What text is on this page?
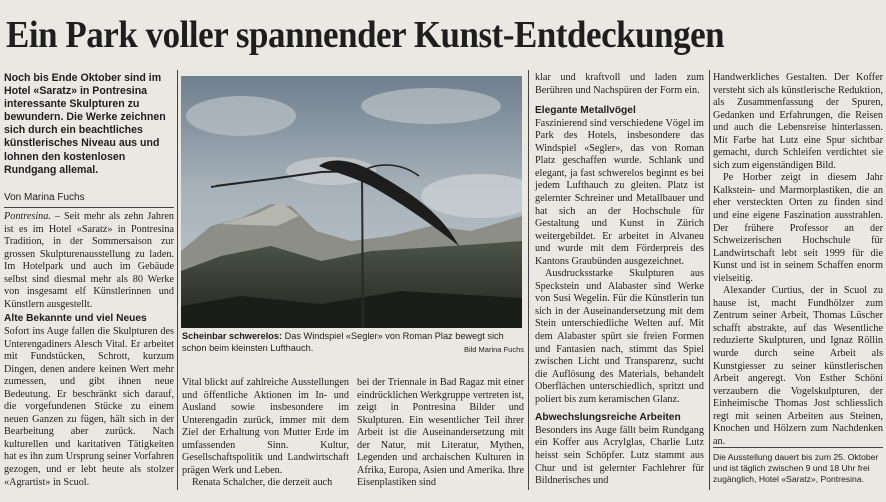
Ein Park voller spannender Kunst-Entdeckungen

Noch bis Ende Oktober sind im Hotel «Saratz» in Pontresina interessante Skulpturen zu bewundern. Die Werke zeichnen sich durch ein beachtliches künstlerisches Niveau aus und lohnen den kostenlosen Rundgang allemal.

Von Marina Fuchs

Pontresina. – Seit mehr als zehn Jahren ist es im Hotel «Saratz» in Pontresina Tradition, in der Sommersaison zur grossen Skulpturenausstellung zu laden. Im Hotelpark und auch im Gebäude selbst sind diesmal mehr als 80 Werke von insgesamt elf Künstlerinnen und Künstlern ausgestellt.

Alte Bekannte und viel Neues

Sofort ins Auge fallen die Skulpturen des Unterengadiners Alesch Vital. Er arbeitet mit Fundstücken, Schrott, kurzum Dingen, denen andere keinen Wert mehr zumessen, und gibt ihnen neue Bedeutung. Er beschränkt sich darauf, die vorgefundenen Stücke zu einem neuen Ganzen zu fügen, hält sich in der Bearbeitung aber zurück. Nach kulturellen und karitativen Tätigkeiten hat es ihn zum Ursprung seiner Vorfahren gezogen, und er lebt heute als stolzer «Agrartist» in Scuol.

Scheinbar schwerelos: Das Windspiel «Segler» von Roman Plaz bewegt sich schon beim kleinsten Lufthauch.	Bild Marina Fuchs

Vital blickt auf zahlreiche Ausstellungen und öffentliche Aktionen im In- und Ausland sowie insbesondere im Unterengadin zurück, immer mit dem Ziel der Erhaltung von Mutter Erde im umfassenden Sinn. Kultur, Gesellschaftspolitik und Landwirtschaft prägen Werk und Leben.

Renata Schalcher, die derzeit auch

bei der Triennale in Bad Ragaz mit einer eindrücklichen Werkgruppe vertreten ist, zeigt in Pontresina Bilder und Skulpturen. Ein wesentlicher Teil ihrer Arbeit ist die Auseinandersetzung mit der Natur, mit Literatur, Mythen, Legenden und archaischen Kulturen in Afrika, Europa, Asien und Amerika. Ihre Eisenplastiken sind

klar und kraftvoll und laden zum Berühren und Nachspüren der Form ein.

Elegante Metallvögel

Faszinierend sind verschiedene Vögel im Park des Hotels, insbesondere das Windspiel «Segler», das von Roman Platz geschaffen wurde. Schlank und elegant, ja fast schwerelos beginnt es bei jedem Lufthauch zu gleiten. Platz ist gelernter Schreiner und Metallbauer und hat sich an der Hochschule für Gestaltung und Kunst in Zürich weitergebildet. Er arbeitet in Alvaneu und wurde mit dem Förderpreis des Kantons Graubünden ausgezeichnet.

Ausdrucksstarke Skulpturen aus Speckstein und Alabaster sind Werke von Susi Wegelin. Für die Künstlerin tun sich in der Auseinandersetzung mit dem Stein unterschiedliche Welten auf. Mit dem Alabaster spürt sie freien Formen und Fantasien nach, stimmt das Spiel zwischen Licht und Transparenz, sucht die Auflösung des Materials, behandelt Oberflächen unterschiedlich, spritzt und poliert bis zum keramischen Glanz.

Abwechslungsreiche Arbeiten

Besonders ins Auge fällt beim Rundgang ein Koffer aus Acrylglas, Charlie Lutz heisst sein Schöpfer. Lutz stammt aus Chur und ist gelernter Fachlehrer für Bildnerisches und

Handwerkliches Gestalten. Der Koffer versteht sich als künstlerische Reduktion, als Zusammenfassung der Spuren, Gedanken und Erfahrungen, die Reisen und auch die Lebensreise hinterlassen. Mit Farbe hat Lutz eine Spur sichtbar gemacht, durch Schleifen verdichtet sie sich zum eigenständigen Bild.

Pe Horber zeigt in diesem Jahr Kalkstein- und Marmorplastiken, die an eher versteckten Orten zu finden sind und eine eigene Faszination ausstrahlen. Der frühere Professor an der Schweizerischen Hochschule für Landwirtschaft lebt seit 1999 für die Kunst und ist in seinem Schaffen enorm vielseitig.

Alexander Curtius, der in Scuol zu hause ist, macht Fundhölzer zum Zentrum seiner Arbeit, Thomas Lüscher schafft abstrakte, auf das Wesentliche reduzierte Skulpturen, und Ignaz Röllin wurde durch seine Arbeit als Kunstgiesser zu seiner künstlerischen Arbeit angeregt. Von Esther Schöni verzaubern die Vogelskulpturen, der Einheimische Thomas Jost schliesslich regt mit seinen Arbeiten aus Steinen, Knochen und Hölzern zum Nachdenken an.

Die Ausstellung dauert bis zum 25. Oktober und ist täglich zwischen 9 und 18 Uhr frei zugänglich, Hotel «Saratz», Pontresina.
